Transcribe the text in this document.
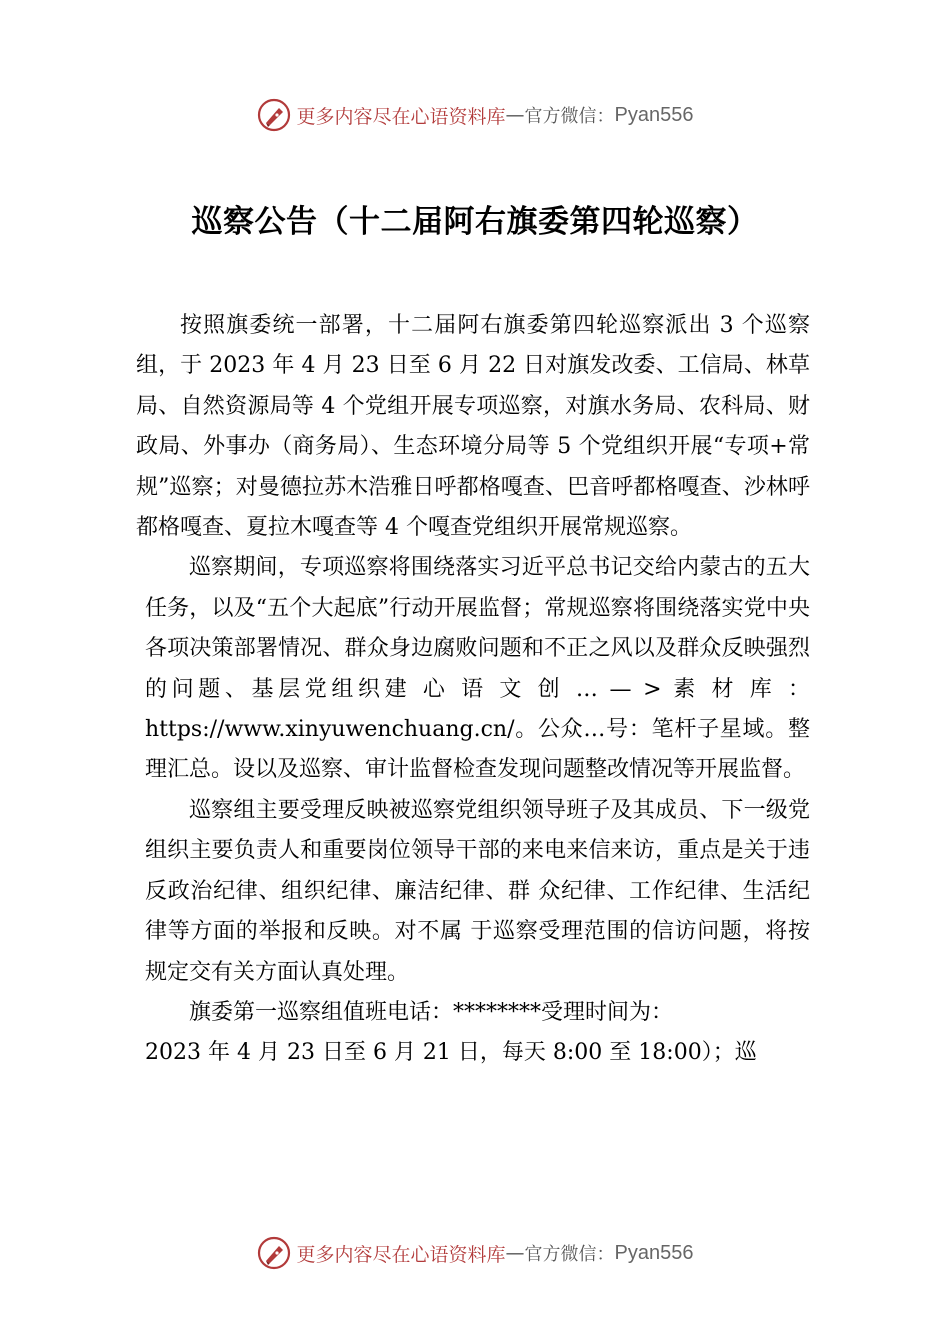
更多内容尽在心语资料库 — 官方微信： Pyan556
巡察公告（十二届阿右旗委第四轮巡察）

按照旗委统一部署，十二届阿右旗委第四轮巡察派出 3 个巡察组，于 2023 年 4 月 23 日至 6 月 22 日对旗发改委、工信局、林草局、自然资源局等 4 个党组开展专项巡察，对旗水务局、农科局、财政局、外事办（商务局）、生态环境分局等 5 个党组织开展“专项+常规”巡察；对曼德拉苏木浩雅日呼都格嘎查、巴音呼都格嘎查、沙林呼都格嘎查、夏拉木嘎查等 4 个嘎查党组织开展常规巡察。

巡察期间，专项巡察将围绕落实习近平总书记交给内蒙古的五大任务，以及“五个大起底”行动开展监督；常规巡察将围绕落实党中央各项决策部署情况、群众身边腐败问题和不正之风以及群众反映强烈的问题、基层党组织建 心 语 文 创 … — > 素 材 库 ： https://www.xinyuwenchuang.cn/。公众…号：笔杆子星域。整理汇总。设以及巡察、审计监督检查发现问题整改情况等开展监督。

巡察组主要受理反映被巡察党组织领导班子及其成员、下一级党组织主要负责人和重要岗位领导干部的来电来信来访，重点是关于违反政治纪律、组织纪律、廉洁纪律、群 众纪律、工作纪律、生活纪律等方面的举报和反映。对不属 于巡察受理范围的信访问题，将按规定交有关方面认真处理。

旗委第一巡察组值班电话：********受理时间为：

2023 年 4 月 23 日至 6 月 21 日，每天 8:00 至 18:00）；巡

更多内容尽在心语资料库 — 官方微信： Pyan556
